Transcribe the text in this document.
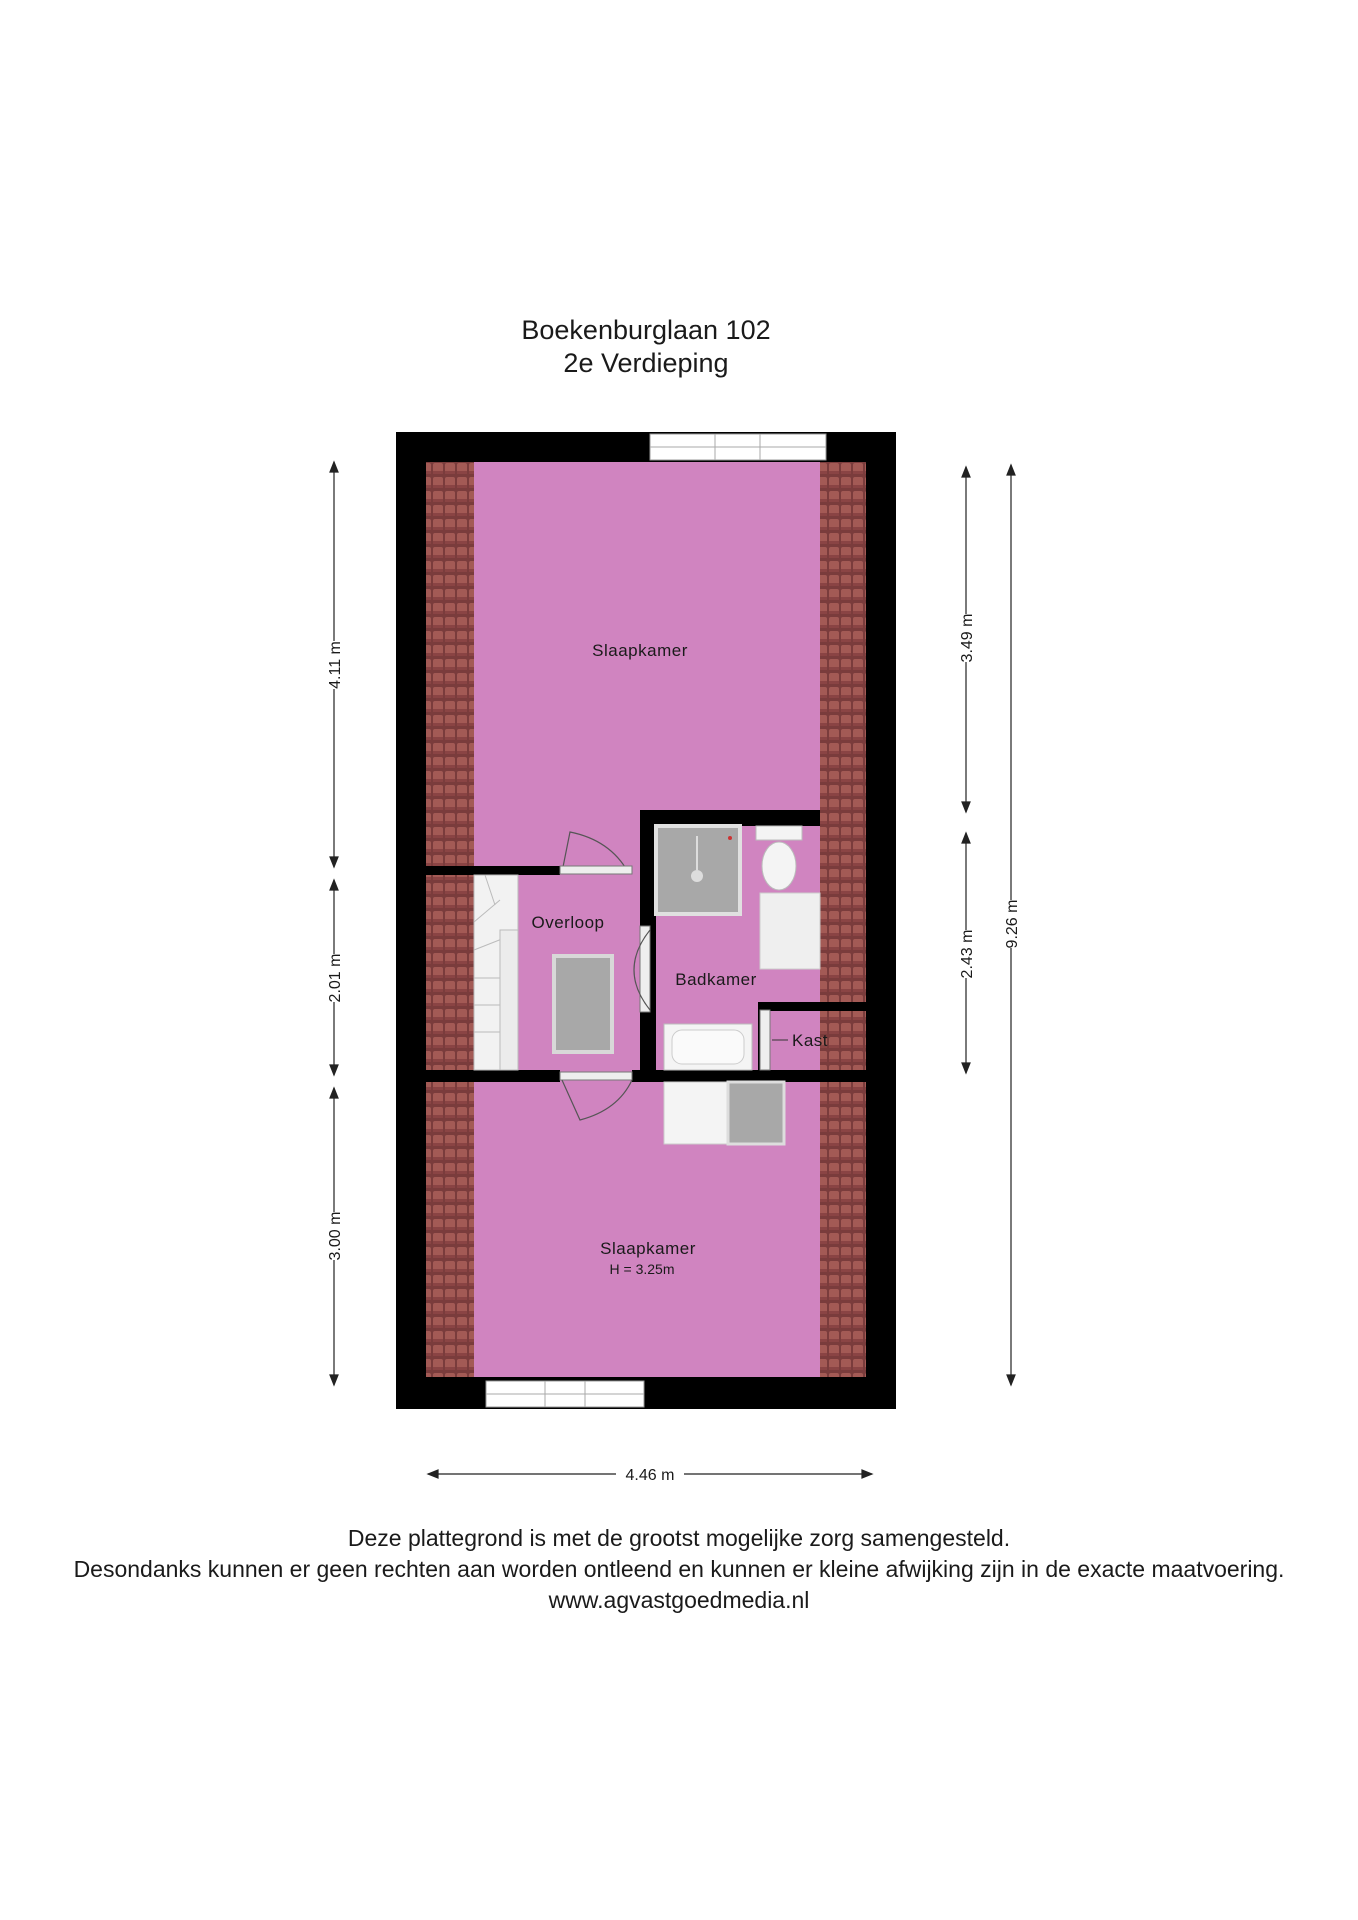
Boekenburglaan 102
2e Verdieping
Slaapkamer
Overloop
Badkamer
Kast
Slaapkamer
H = 3.25m
4.11 m
2.01 m
3.00 m
3.49 m
2.43 m
9.26 m
4.46 m
Deze plattegrond is met de grootst mogelijke zorg samengesteld.
Desondanks kunnen er geen rechten aan worden ontleend en kunnen er kleine afwijking zijn in de exacte maatvoering.
www.agvastgoedmedia.nl
